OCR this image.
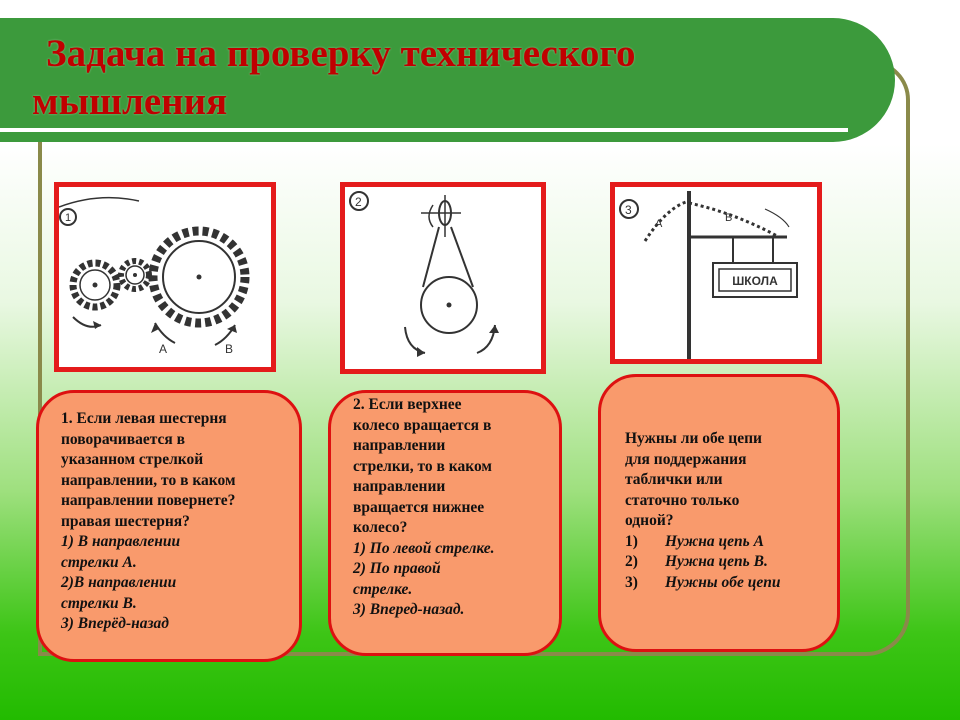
Задача на проверку технического
мышления
1
А	В
2
3
А	В
ШКОЛА

1. Если левая шестерня

поворачивается в

указанном стрелкой

направлении, то в каком

направлении повернете?

правая шестерня?

1) В направлении
стрелки А.
2)В направлении
стрелки В.
3) Вперёд-назад

2. Если верхнее

колесо вращается в

направлении

стрелки, то в каком

направлении

вращается нижнее

колесо?

1) По левой стрелке.
2) По правой
стрелке.
3) Вперед-назад.

Нужны ли обе цепи

для поддержания

таблички или

статочно только

одной?

1)	Нужна цепь А
2)	Нужна цепь В.
3)	Нужны обе цепи
